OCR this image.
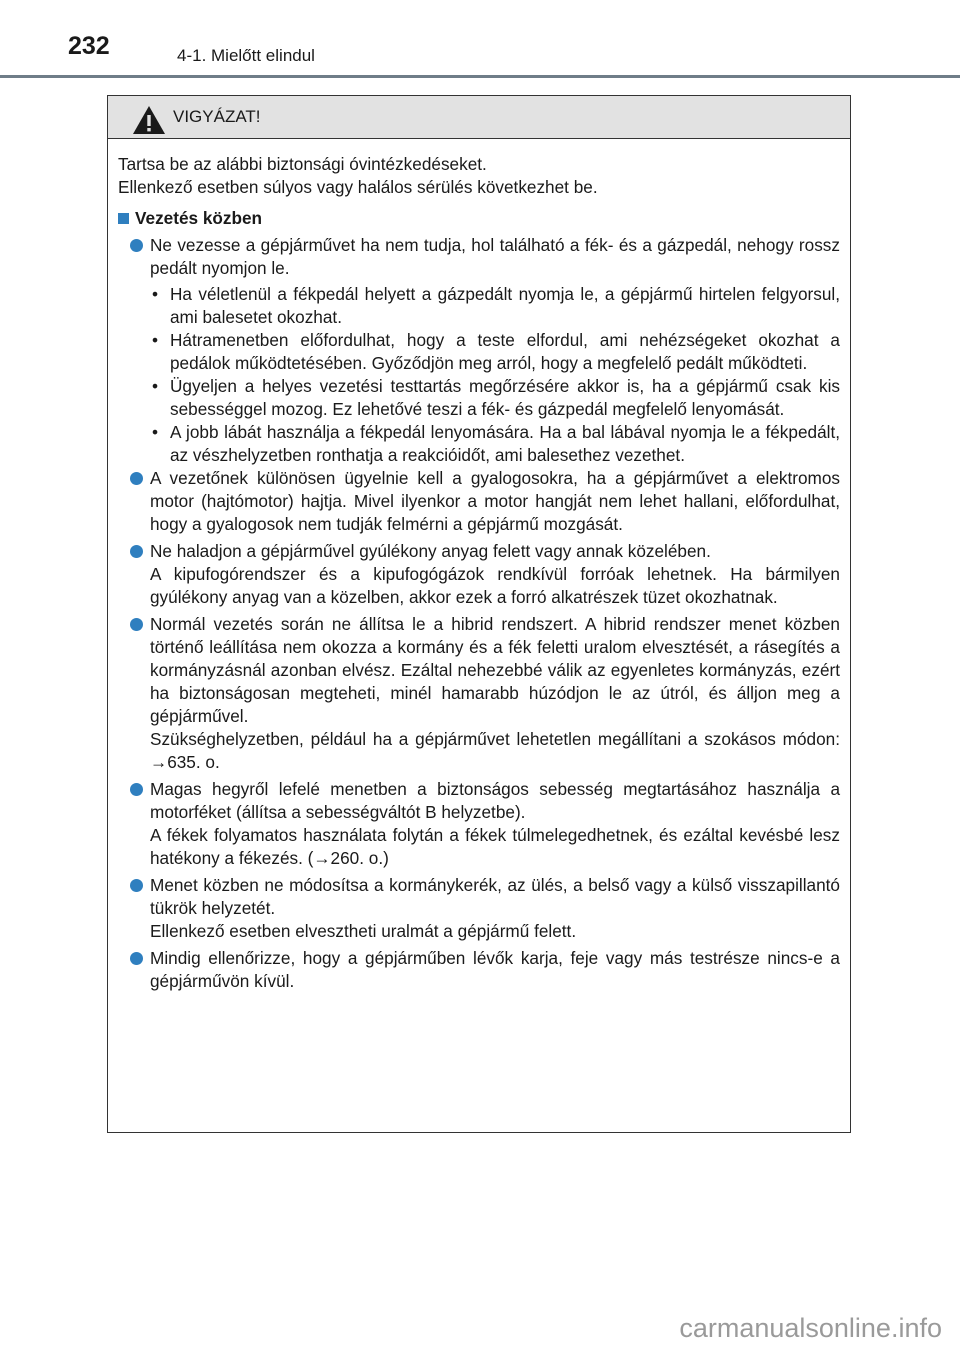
232	4-1. Mielőtt elindul
VIGYÁZAT!

Tartsa be az alábbi biztonsági óvintézkedéseket.

Ellenkező esetben súlyos vagy halálos sérülés következhet be.

Vezetés közben

Ne vezesse a gépjárművet ha nem tudja, hol található a fék- és a gázpedál, nehogy rossz pedált nyomjon le.

• Ha véletlenül a fékpedál helyett a gázpedált nyomja le, a gépjármű hirtelen felgyorsul, ami balesetet okozhat.
• Hátramenetben előfordulhat, hogy a teste elfordul, ami nehézségeket okozhat a pedálok működtetésében. Győződjön meg arról, hogy a megfelelő pedált működteti.
• Ügyeljen a helyes vezetési testtartás megőrzésére akkor is, ha a gépjármű csak kis sebességgel mozog. Ez lehetővé teszi a fék- és gázpedál megfelelő lenyomását.
• A jobb lábát használja a fékpedál lenyomására. Ha a bal lábával nyomja le a fékpedált, az vészhelyzetben ronthatja a reakcióidőt, ami balesethez vezethet.

A vezetőnek különösen ügyelnie kell a gyalogosokra, ha a gépjárművet a elektromos motor (hajtómotor) hajtja. Mivel ilyenkor a motor hangját nem lehet hallani, előfordulhat, hogy a gyalogosok nem tudják felmérni a gépjármű mozgását.

Ne haladjon a gépjárművel gyúlékony anyag felett vagy annak közelében.

A kipufogórendszer és a kipufogógázok rendkívül forróak lehetnek. Ha bármilyen gyúlékony anyag van a közelben, akkor ezek a forró alkatrészek tüzet okozhatnak.

Normál vezetés során ne állítsa le a hibrid rendszert. A hibrid rendszer menet közben történő leállítása nem okozza a kormány és a fék feletti uralom elvesztését, a rásegítés a kormányzásnál azonban elvész. Ezáltal nehezebbé válik az egyenletes kormányzás, ezért ha biztonságosan megteheti, minél hamarabb húzódjon le az útról, és álljon meg a gépjárművel.

Szükséghelyzetben, például ha a gépjárművet lehetetlen megállítani a szokásos módon: →635. o.

Magas hegyről lefelé menetben a biztonságos sebesség megtartásához használja a motorféket (állítsa a sebességváltót B helyzetbe).

A fékek folyamatos használata folytán a fékek túlmelegedhetnek, és ezáltal kevésbé lesz hatékony a fékezés. (→260. o.)

Menet közben ne módosítsa a kormánykerék, az ülés, a belső vagy a külső visszapillantó tükrök helyzetét.

Ellenkező esetben elvesztheti uralmát a gépjármű felett.

Mindig ellenőrizze, hogy a gépjárműben lévők karja, feje vagy más testrésze nincs-e a gépjárművön kívül.

carmanualsonline.info
